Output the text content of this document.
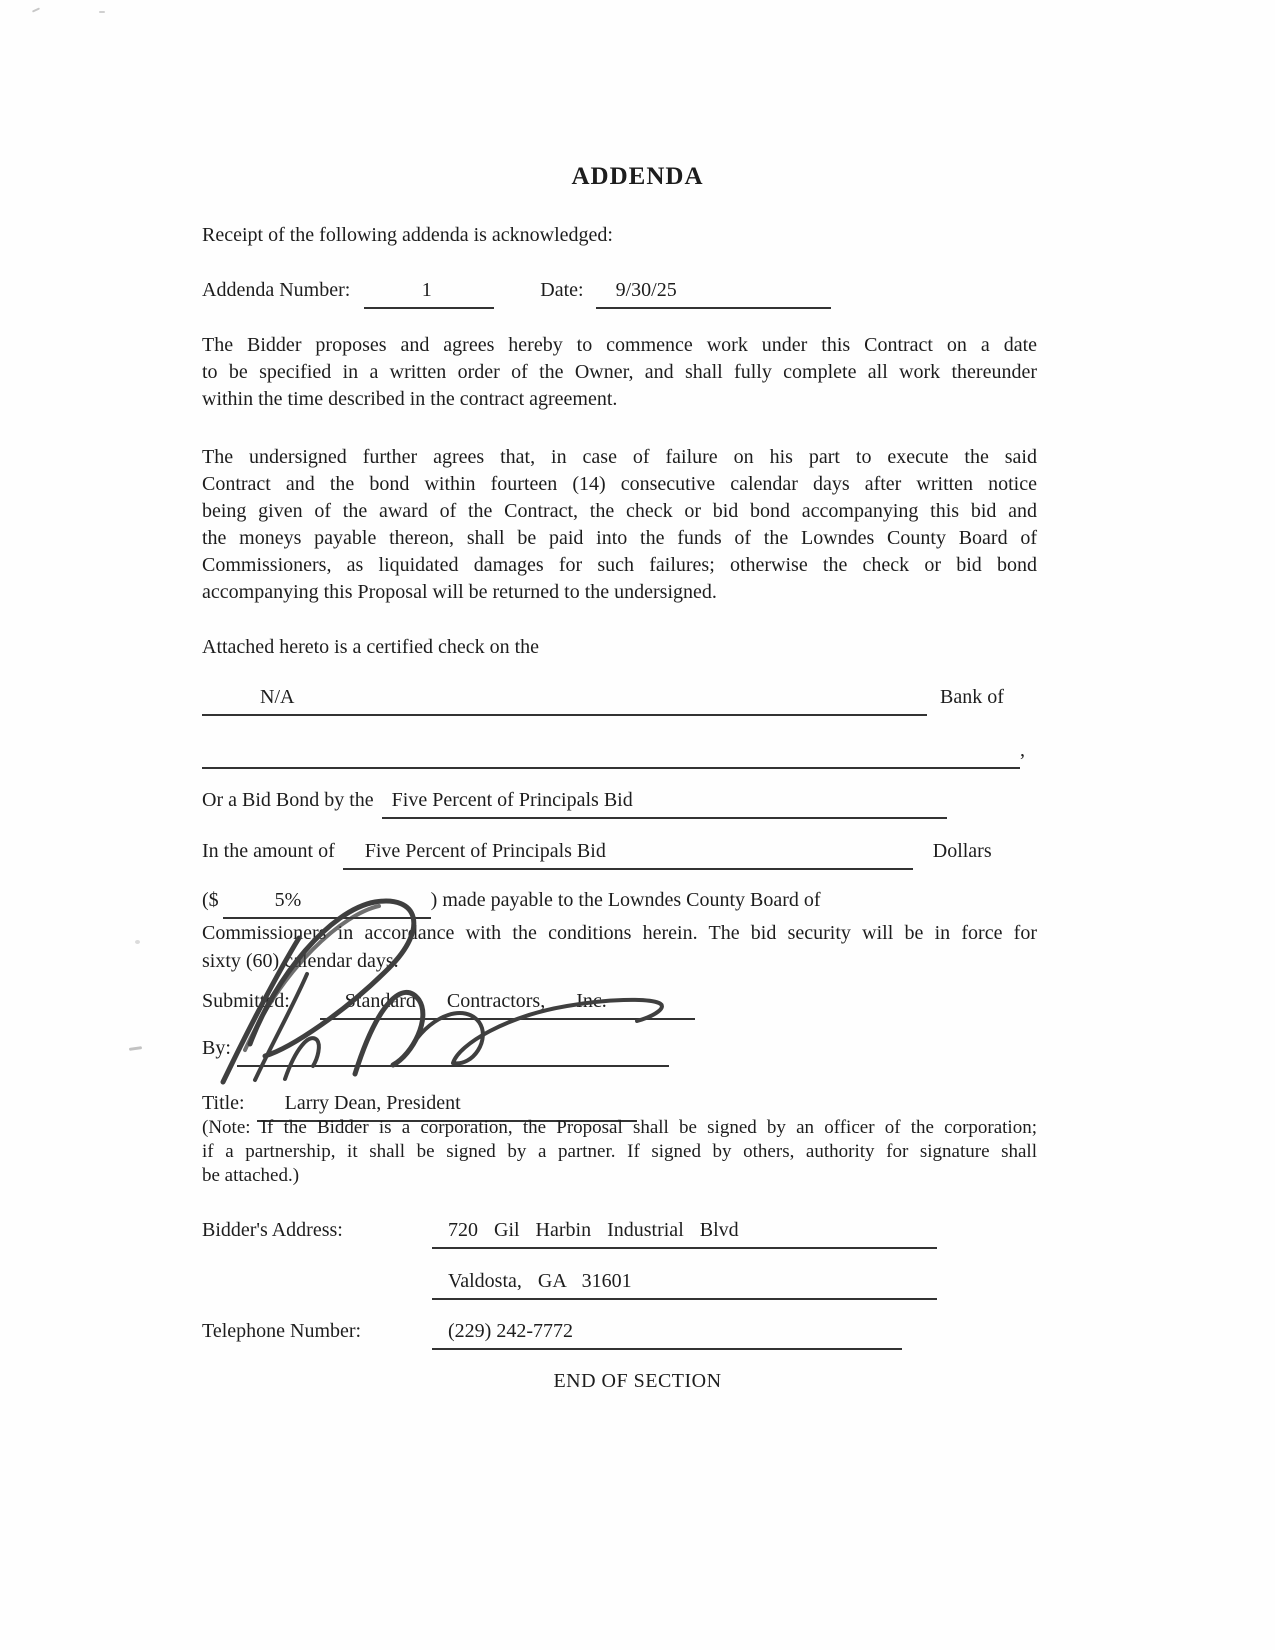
ADDENDA
Receipt of the following addenda is acknowledged:
Addenda Number:	1	Date:	9/30/25
The Bidder proposes and agrees hereby to commence work under this Contract on a date
to be specified in a written order of the Owner, and shall fully complete all work thereunder
within the time described in the contract agreement.
The undersigned further agrees that, in case of failure on his part to execute the said
Contract and the bond within fourteen (14) consecutive calendar days after written notice
being given of the award of the Contract, the check or bid bond accompanying this bid and
the moneys payable thereon, shall be paid into the funds of the Lowndes County Board of
Commissioners, as liquidated damages for such failures; otherwise the check or bid bond
accompanying this Proposal will be returned to the undersigned.
Attached hereto is a certified check on the
N/A	Bank of
,
Or a Bid Bond by the Five Percent of Principals Bid
In the amount of	Five Percent of Principals Bid	Dollars
($	5%	) made payable to the Lowndes County Board of
Commissioners in accordance with the conditions herein. The bid security will be in force for
sixty (60) calendar days.
Submitted:	Standard Contractors, Inc.
By:
Title:	Larry Dean, President
(Note: If the Bidder is a corporation, the Proposal shall be signed by an officer of the corporation;
if a partnership, it shall be signed by a partner. If signed by others, authority for signature shall
be attached.)
Bidder's Address:	720 Gil Harbin Industrial Blvd
Valdosta, GA 31601
Telephone Number:	(229) 242-7772
END OF SECTION
